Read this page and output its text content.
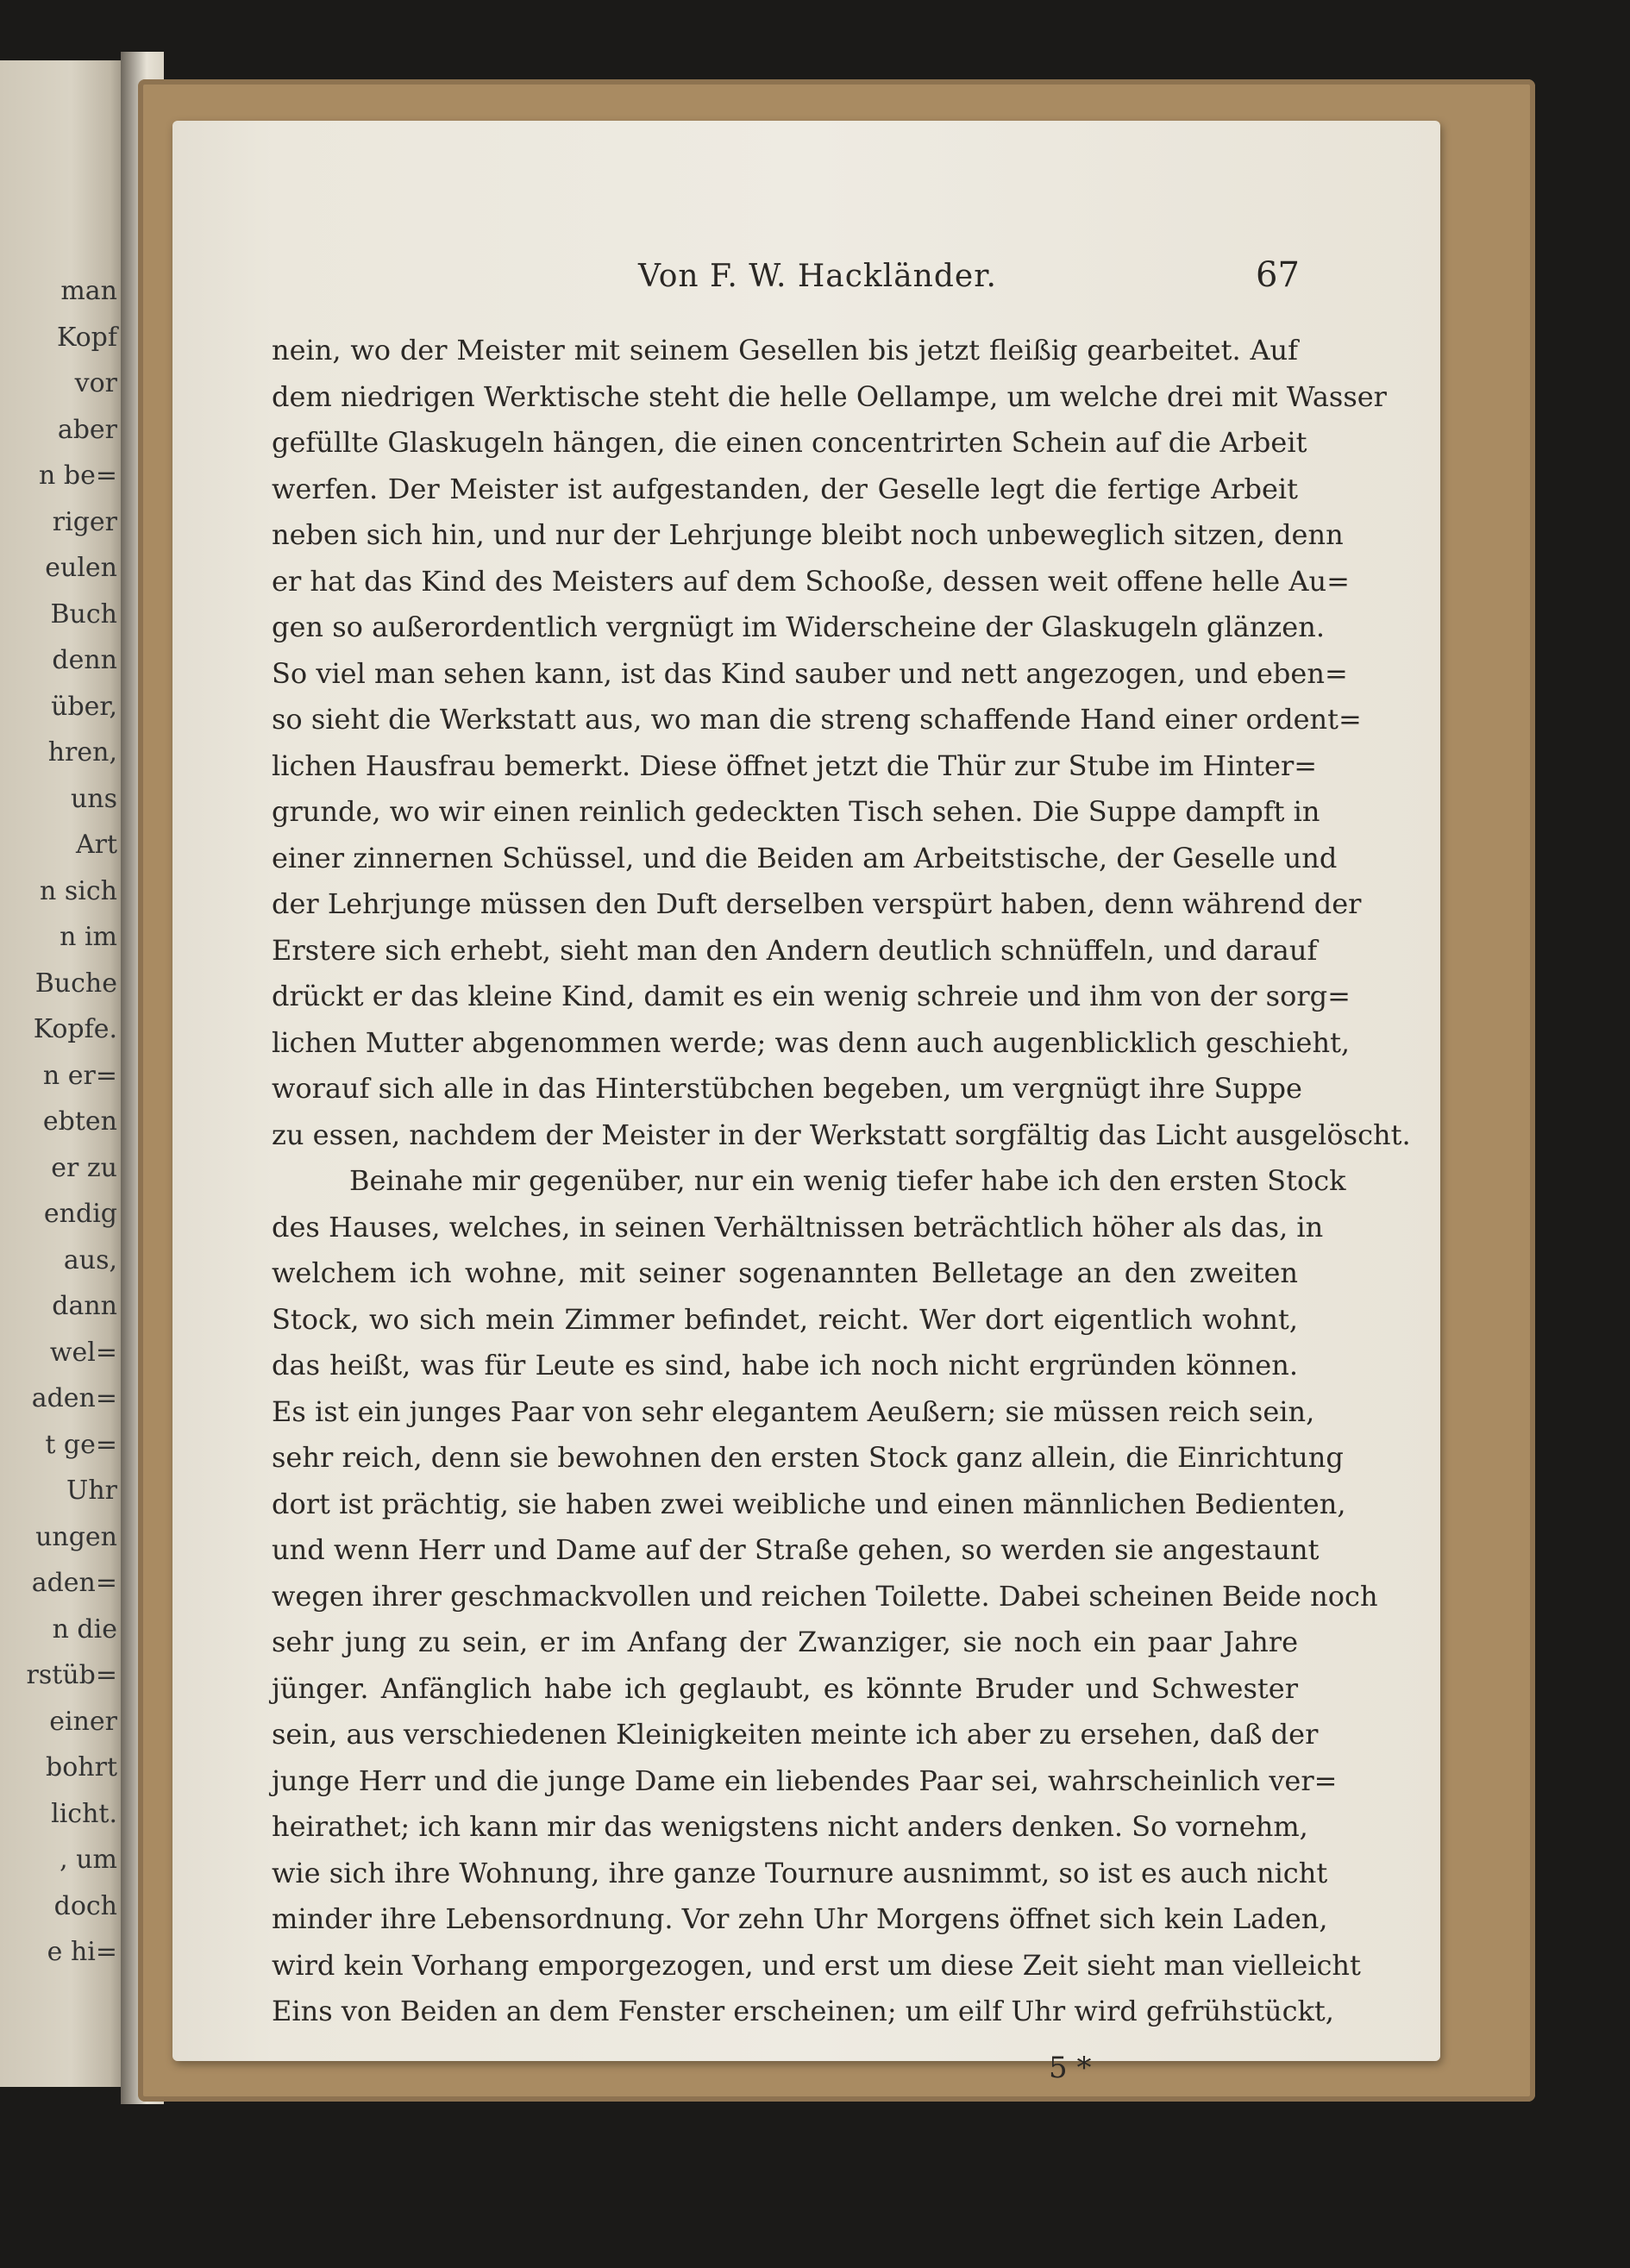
man
Kopf
vor
aber
n be=
riger
eulen
Buch
denn
über,
hren,
uns
Art
n sich
n im
Buche
Kopfe.
n er=
ebten
er zu
endig
aus,
dann
wel=
aden=
t ge=
Uhr
ungen
aden=
n die
rstüb=
einer
bohrt
licht.
, um
doch
e hi=
Von F. W. Hackländer.	67
nein, wo der Meister mit seinem Gesellen bis jetzt fleißig gearbeitet. Auf
dem niedrigen Werktische steht die helle Oellampe, um welche drei mit Wasser
gefüllte Glaskugeln hängen, die einen concentrirten Schein auf die Arbeit
werfen. Der Meister ist aufgestanden, der Geselle legt die fertige Arbeit
neben sich hin, und nur der Lehrjunge bleibt noch unbeweglich sitzen, denn
er hat das Kind des Meisters auf dem Schooße, dessen weit offene helle Au=
gen so außerordentlich vergnügt im Widerscheine der Glaskugeln glänzen.
So viel man sehen kann, ist das Kind sauber und nett angezogen, und eben=
so sieht die Werkstatt aus, wo man die streng schaffende Hand einer ordent=
lichen Hausfrau bemerkt. Diese öffnet jetzt die Thür zur Stube im Hinter=
grunde, wo wir einen reinlich gedeckten Tisch sehen. Die Suppe dampft in
einer zinnernen Schüssel, und die Beiden am Arbeitstische, der Geselle und
der Lehrjunge müssen den Duft derselben verspürt haben, denn während der
Erstere sich erhebt, sieht man den Andern deutlich schnüffeln, und darauf
drückt er das kleine Kind, damit es ein wenig schreie und ihm von der sorg=
lichen Mutter abgenommen werde; was denn auch augenblicklich geschieht,
worauf sich alle in das Hinterstübchen begeben, um vergnügt ihre Suppe
zu essen, nachdem der Meister in der Werkstatt sorgfältig das Licht ausgelöscht.
Beinahe mir gegenüber, nur ein wenig tiefer habe ich den ersten Stock
des Hauses, welches, in seinen Verhältnissen beträchtlich höher als das, in
welchem ich wohne, mit seiner sogenannten Belletage an den zweiten
Stock, wo sich mein Zimmer befindet, reicht. Wer dort eigentlich wohnt,
das heißt, was für Leute es sind, habe ich noch nicht ergründen können.
Es ist ein junges Paar von sehr elegantem Aeußern; sie müssen reich sein,
sehr reich, denn sie bewohnen den ersten Stock ganz allein, die Einrichtung
dort ist prächtig, sie haben zwei weibliche und einen männlichen Bedienten,
und wenn Herr und Dame auf der Straße gehen, so werden sie angestaunt
wegen ihrer geschmackvollen und reichen Toilette. Dabei scheinen Beide noch
sehr jung zu sein, er im Anfang der Zwanziger, sie noch ein paar Jahre
jünger. Anfänglich habe ich geglaubt, es könnte Bruder und Schwester
sein, aus verschiedenen Kleinigkeiten meinte ich aber zu ersehen, daß der
junge Herr und die junge Dame ein liebendes Paar sei, wahrscheinlich ver=
heirathet; ich kann mir das wenigstens nicht anders denken. So vornehm,
wie sich ihre Wohnung, ihre ganze Tournure ausnimmt, so ist es auch nicht
minder ihre Lebensordnung. Vor zehn Uhr Morgens öffnet sich kein Laden,
wird kein Vorhang emporgezogen, und erst um diese Zeit sieht man vielleicht
Eins von Beiden an dem Fenster erscheinen; um eilf Uhr wird gefrühstückt,
5 *
